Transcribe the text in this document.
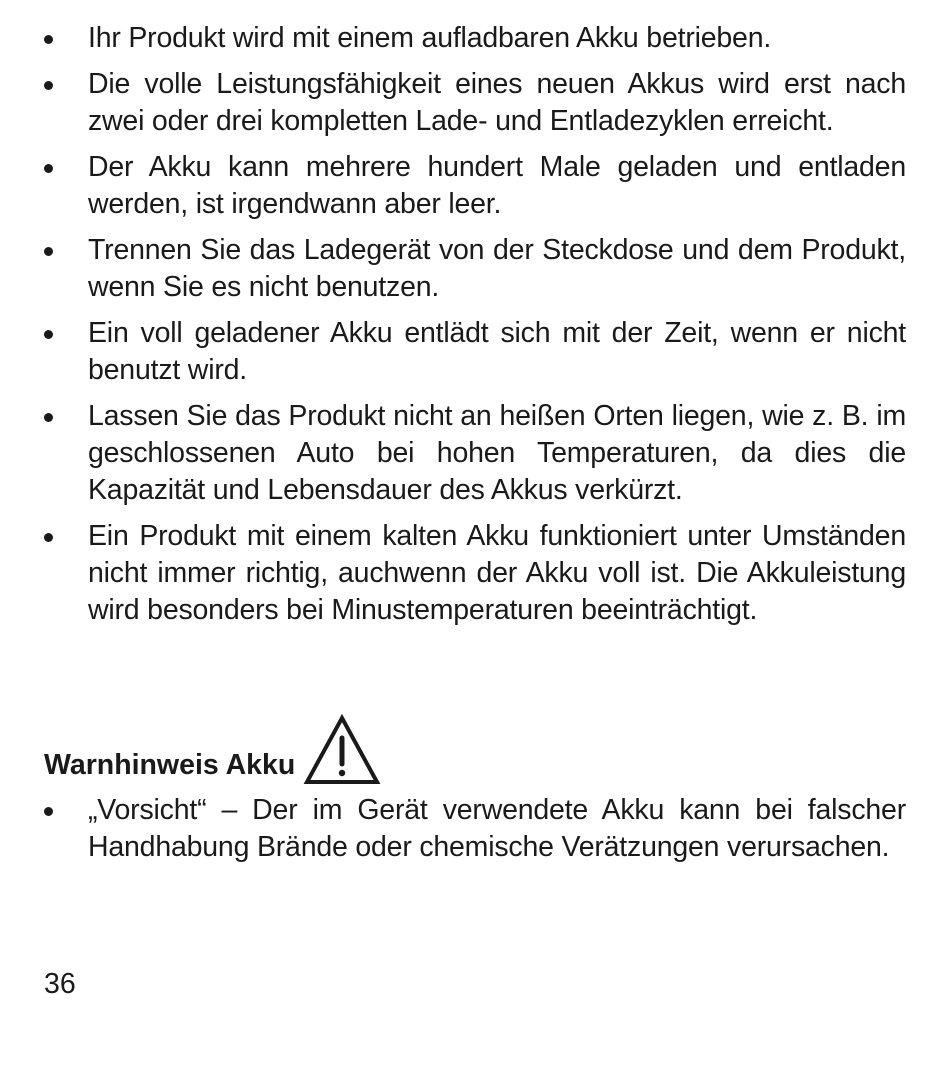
Ihr Produkt wird mit einem aufladbaren Akku betrieben.
Die volle Leistungsfähigkeit eines neuen Akkus wird erst nach zwei oder drei kompletten Lade- und Entladezyklen erreicht.
Der Akku kann mehrere hundert Male geladen und entladen werden, ist irgendwann aber leer.
Trennen Sie das Ladegerät von der Steckdose und dem Produkt, wenn Sie es nicht benutzen.
Ein voll geladener Akku entlädt sich mit der Zeit, wenn er nicht benutzt wird.
Lassen Sie das Produkt nicht an heißen Orten liegen, wie z. B. im geschlossenen Auto bei hohen Temperaturen, da dies die Kapazität und Lebensdauer des Akkus verkürzt.
Ein Produkt mit einem kalten Akku funktioniert unter Umständen nicht immer richtig, auchwenn der Akku voll ist. Die Akkuleistung wird besonders bei Minustemperaturen beeinträchtigt.
Warnhinweis Akku
„Vorsicht“ – Der im Gerät verwendete Akku kann bei falscher Handhabung Brände oder chemische Verätzungen verursachen.
36
